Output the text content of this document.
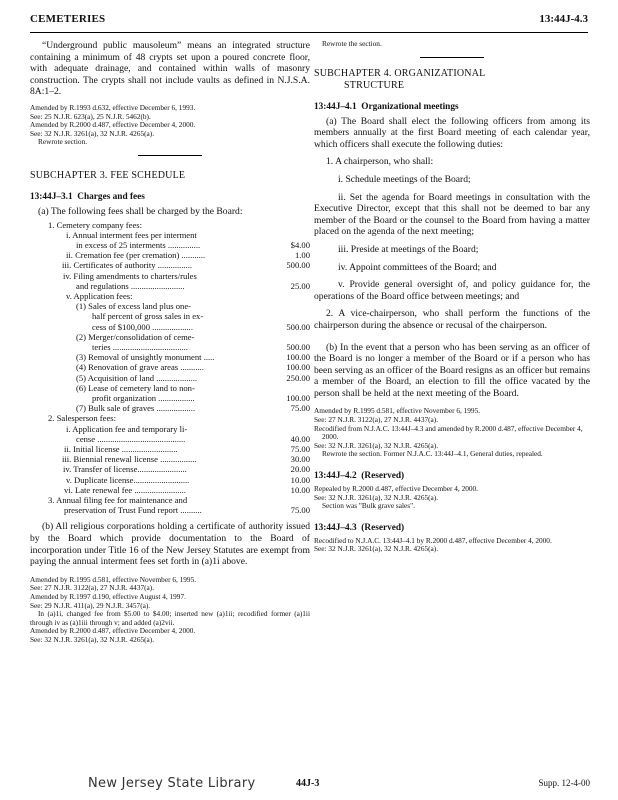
CEMETERIES	13:44J-4.3

“Underground public mausoleum” means an integrated structure containing a minimum of 48 crypts set upon a poured concrete floor, with adequate drainage, and contained within walls of masonry construction. The crypts shall not include vaults as defined in N.J.S.A. 8A:1–2.

Amended by R.1993 d.632, effective December 6, 1993.

See: 25 N.J.R. 623(a), 25 N.J.R. 5462(b).

Amended by R.2000 d.487, effective December 4, 2000.

See: 32 N.J.R. 3261(a), 32 N.J.R. 4265(a).

Rewrote section.

SUBCHAPTER 3. FEE SCHEDULE

13:44J–3.1 Charges and fees

(a) The following fees shall be charged by the Board:

1. Cemetery company fees:
i. Annual interment fees per interment
in excess of 25 interments ...............	$4.00
ii. Cremation fee (per cremation) ...........	1.00
iii. Certificates of authority ................	500.00
iv. Filing amendments to charters/rules
and regulations .........................	25.00
v. Application fees:
(1) Sales of excess land plus one-
half percent of gross sales in ex-
cess of $100,000 ...................	500.00
(2) Merger/consolidation of ceme-
teries ...................................	500.00
(3) Removal of unsightly monument .....	100.00
(4) Renovation of grave areas ...........	100.00
(5) Acquisition of land ...................	250.00
(6) Lease of cemetery land to non-
profit organization .................	100.00
(7) Bulk sale of graves ..................	75.00
2. Salesperson fees:
i. Application fee and temporary li-
cense .........................................	40.00
ii. Initial license ..........................	75.00
iii. Biennial renewal license .................	30.00
iv. Transfer of license.......................	20.00
v. Duplicate license..........................	10.00
vi. Late renewal fee ........................	10.00
3. Annual filing fee for maintenance and
preservation of Trust Fund report ..........	75.00

(b) All religious corporations holding a certificate of authority issued by the Board which provide documentation to the Board of incorporation under Title 16 of the New Jersey Statutes are exempt from paying the annual interment fees set forth in (a)1i above.

Amended by R.1995 d.581, effective November 6, 1995.

See: 27 N.J.R. 3122(a), 27 N.J.R. 4437(a).

Amended by R.1997 d.190, effective August 4, 1997.

See: 29 N.J.R. 411(a), 29 N.J.R. 3457(a).

In (a)1i, changed fee from $5.00 to $4.00; inserted new (a)1ii; recodified former (a)1ii through iv as (a)1iii through v; and added (a)2vii.

Amended by R.2000 d.487, effective December 4, 2000.

See: 32 N.J.R. 3261(a), 32 N.J.R. 4265(a).

Rewrote the section.

SUBCHAPTER 4. ORGANIZATIONAL
STRUCTURE

13:44J–4.1 Organizational meetings

(a) The Board shall elect the following officers from among its members annually at the first Board meeting of each calendar year, which officers shall execute the following duties:

1. A chairperson, who shall:

i. Schedule meetings of the Board;

ii. Set the agenda for Board meetings in consultation with the Executive Director, except that this shall not be deemed to bar any member of the Board or the counsel to the Board from having a matter placed on the agenda of the next meeting;

iii. Preside at meetings of the Board;

iv. Appoint committees of the Board; and

v. Provide general oversight of, and policy guidance for, the operations of the Board office between meetings; and

2. A vice-chairperson, who shall perform the functions of the chairperson during the absence or recusal of the chairperson.

(b) In the event that a person who has been serving as an officer of the Board is no longer a member of the Board or if a person who has been serving as an officer of the Board resigns as an officer but remains a member of the Board, an election to fill the office vacated by the person shall be held at the next meeting of the Board.

Amended by R.1995 d.581, effective November 6, 1995.

See: 27 N.J.R. 3122(a), 27 N.J.R. 4437(a).

Recodified from N.J.A.C. 13:44J–4.3 and amended by R.2000 d.487, effective December 4, 2000.

See: 32 N.J.R. 3261(a), 32 N.J.R. 4265(a).

Rewrote the section. Former N.J.A.C. 13:44J–4.1, General duties, repealed.

13:44J–4.2 (Reserved)

Repealed by R.2000 d.487, effective December 4, 2000.

See: 32 N.J.R. 3261(a), 32 N.J.R. 4265(a).

Section was "Bulk grave sales".

13:44J–4.3 (Reserved)

Recodified to N.J.A.C. 13:44J–4.1 by R.2000 d.487, effective December 4, 2000.

See: 32 N.J.R. 3261(a), 32 N.J.R. 4265(a).

New Jersey State Library	44J-3	Supp. 12-4-00
